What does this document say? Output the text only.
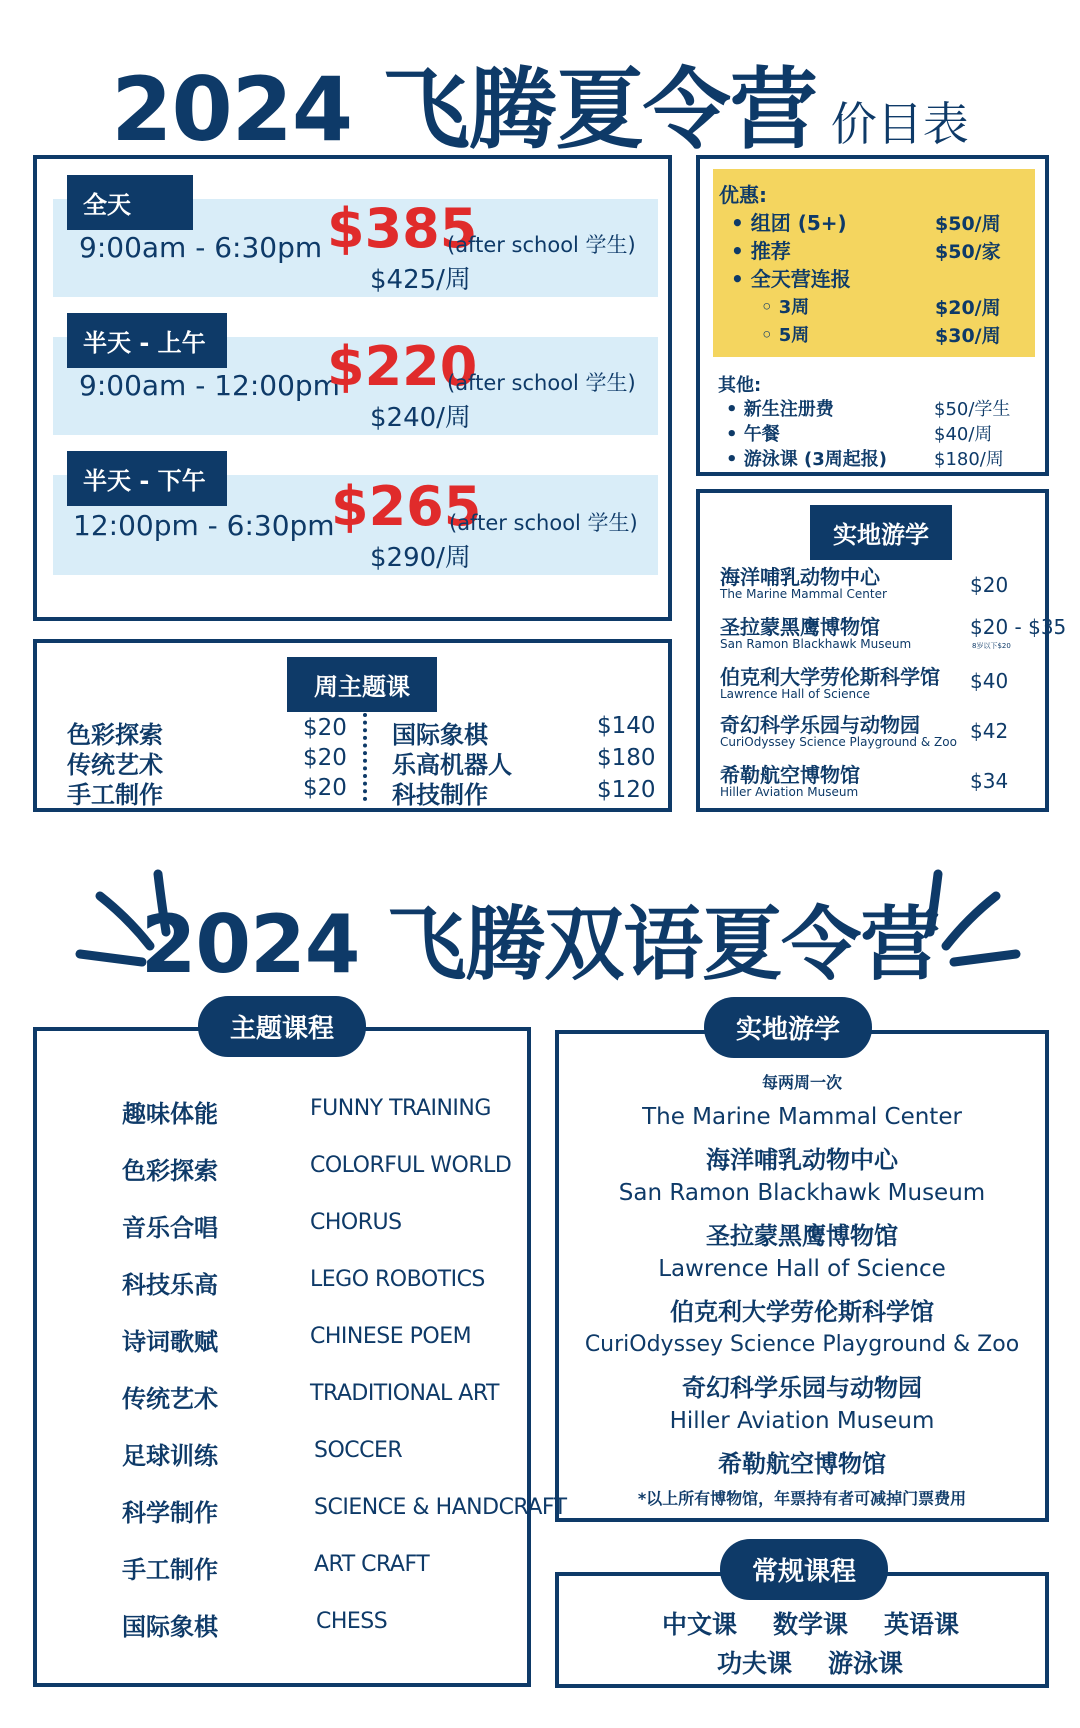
2024 飞腾夏令营 价目表
全天
9:00am - 6:30pm $385
(after school 学生)
$425/周
半天 - 上午
9:00am - 12:00pm
$220
(after school 学生)
$240/周
半天 - 下午
12:00pm - 6:30pm
$265
(after school 学生)
$290/周
周主题课
色彩探索	$20
传统艺术	$20
手工制作	$20
国际象棋	$140
乐高机器人	$180
科技制作	$120
优惠:
• 组团 (5+)	$50/周
• 推荐	$50/家
• 全天营连报
◦ 3周	$20/周
◦ 5周	$30/周
其他:
• 新生注册费	$50/学生
• 午餐	$40/周
• 游泳课 (3周起报)	$180/周
实地游学
海洋哺乳动物中心
The Marine Mammal Center	$20
圣拉蒙黑鹰博物馆
San Ramon Blackhawk Museum
$20 - $35
8岁以下$20
伯克利大学劳伦斯科学馆
Lawrence Hall of Science
$40
奇幻科学乐园与动物园
CuriOdyssey Science Playground & Zoo $42
希勒航空博物馆
Hiller Aviation Museum	$34
2024 飞腾双语夏令营
主题课程
趣味体能	FUNNY TRAINING
色彩探索	COLORFUL WORLD
音乐合唱	CHORUS
科技乐高	LEGO ROBOTICS
诗词歌赋	CHINESE POEM
传统艺术	TRADITIONAL ART
足球训练	SOCCER
科学制作	SCIENCE & HANDCRAFT
手工制作	ART CRAFT
国际象棋	CHESS
每两周一次
The Marine Mammal Center
海洋哺乳动物中心
San Ramon Blackhawk Museum
圣拉蒙黑鹰博物馆
Lawrence Hall of Science
伯克利大学劳伦斯科学馆
CuriOdyssey Science Playground & Zoo
奇幻科学乐园与动物园
Hiller Aviation Museum
希勒航空博物馆
*以上所有博物馆，年票持有者可减掉门票费用
实地游学
常规课程
中文课 数学课 英语课
功夫课 游泳课
